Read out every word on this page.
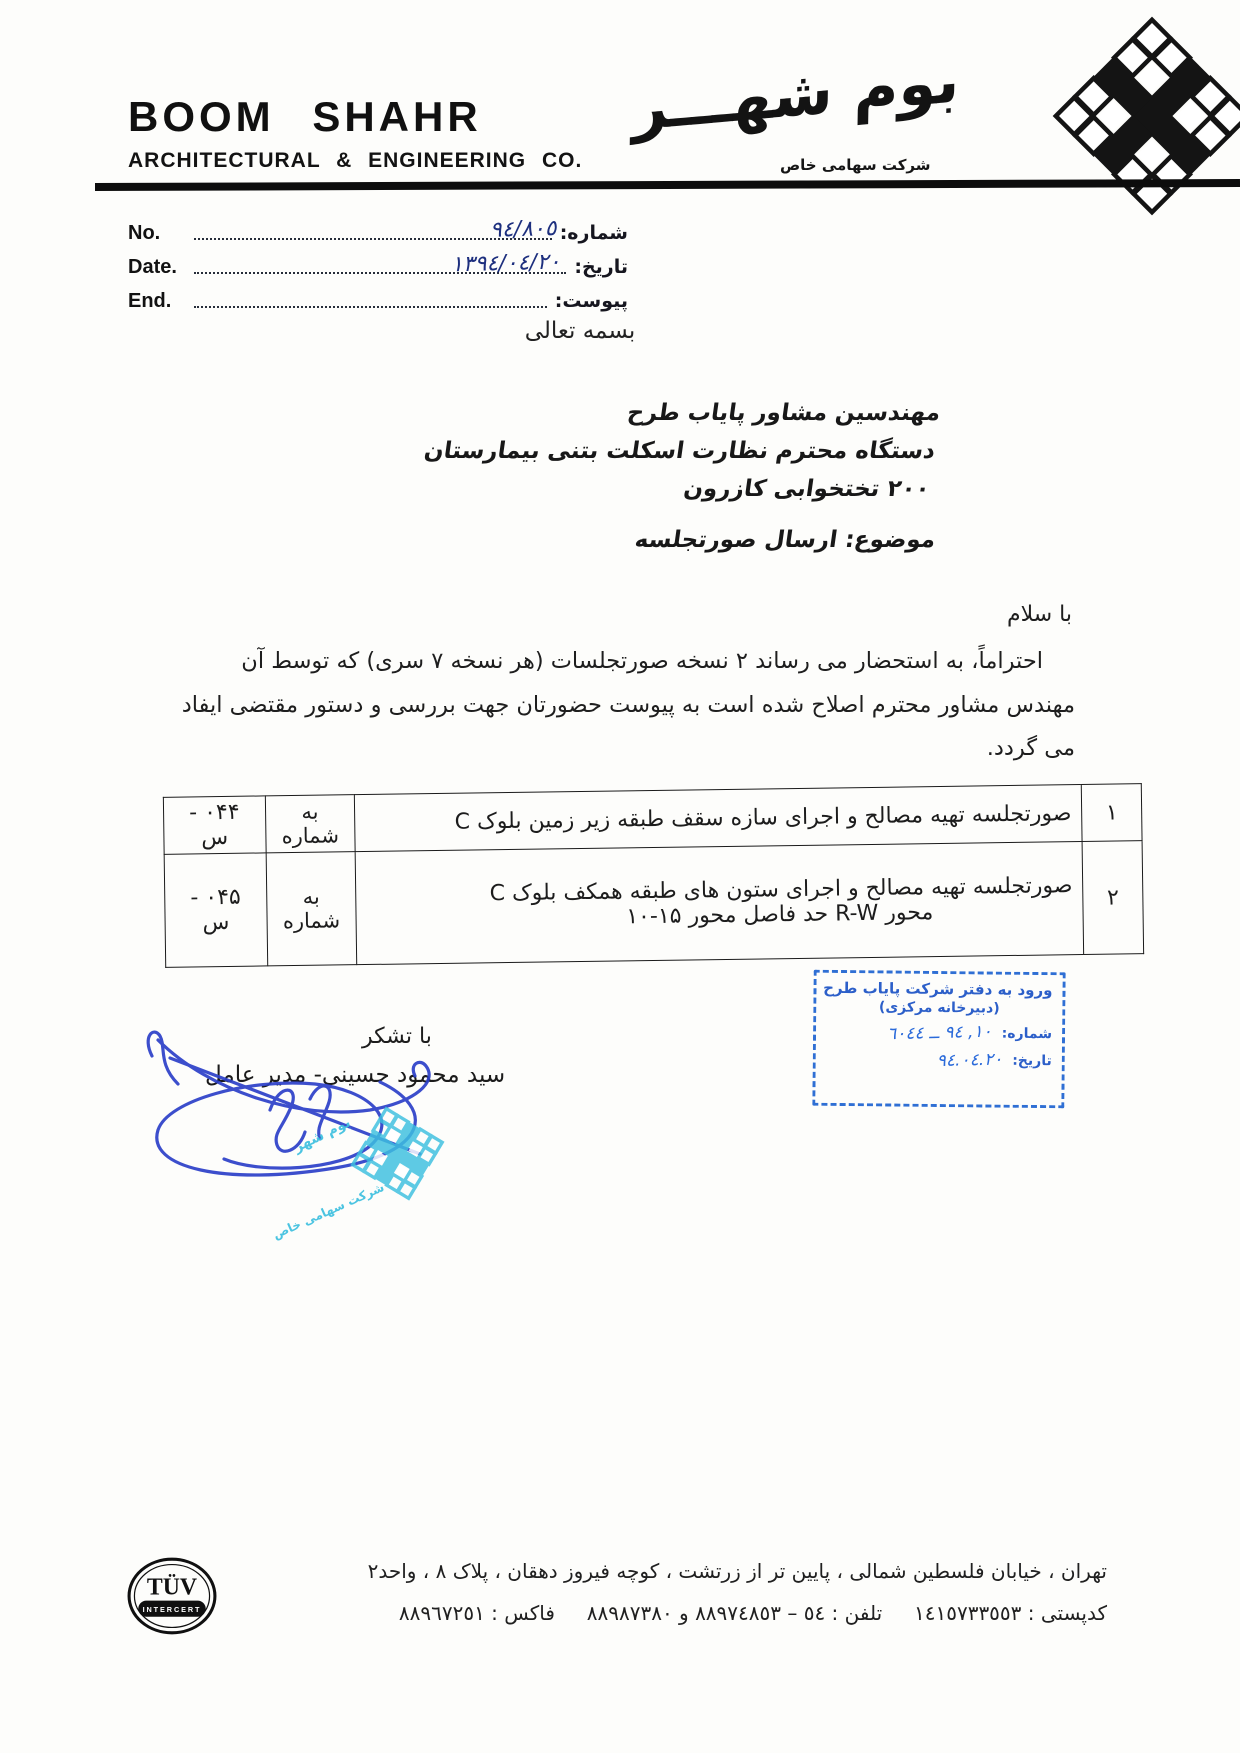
BOOM SHAHR
ARCHITECTURAL & ENGINEERING CO.
بوم شهـــر
شرکت سهامی خاص
No.	شماره:
٩٤/٨٠٥
Date.	تاریخ:
١٣٩٤/٠٤/٢٠
End.	پیوست:
بسمه تعالی
مهندسین مشاور پایاب طرح
دستگاه محترم نظارت اسکلت بتنی بیمارستان ۲۰۰ تختخوابی کازرون
موضوع: ارسال صورتجلسه
با سلام
احتراماً، به استحضار می رساند ۲ نسخه صورتجلسات (هر نسخه ۷ سری) که توسط آن
مهندس مشاور محترم اصلاح شده است به پیوست حضورتان جهت بررسی و دستور مقتضی ایفاد
می گردد.
۱	صورتجلسه تهیه مصالح و اجرای سازه سقف طبقه زیر زمین بلوک C	به شماره	۰۴۴ - س
۲	صورتجلسه تهیه مصالح و اجرای ستون های طبقه همکف بلوک C
محور R-W حد فاصل محور ۱۵-۱۰	به شماره	۰۴۵ - س
با تشکر
سید محمود حسینی- مدیر عامل
بوم شهر
شرکت سهامی خاص
ورود به دفتر شرکت پایاب طرح
(دبیرخانه مرکزی)
شماره:
١٠, ٩٤ ــ ٦٠٤٤
تاریخ:
٩٤.٠٤.٢٠
TÜV
INTERCERT
تهران ، خیابان فلسطین شمالی ، پایین تر از زرتشت ، کوچه فیروز دهقان ، پلاک ٨ ، واحد٢
کدپستی : ١٤١٥٧٣٣٥٥٣     تلفن : ٥٤ – ٨٨٩٧٤٨٥٣ و ٨٨٩٨٧٣٨٠     فاکس : ٨٨٩٦٧٢٥١
